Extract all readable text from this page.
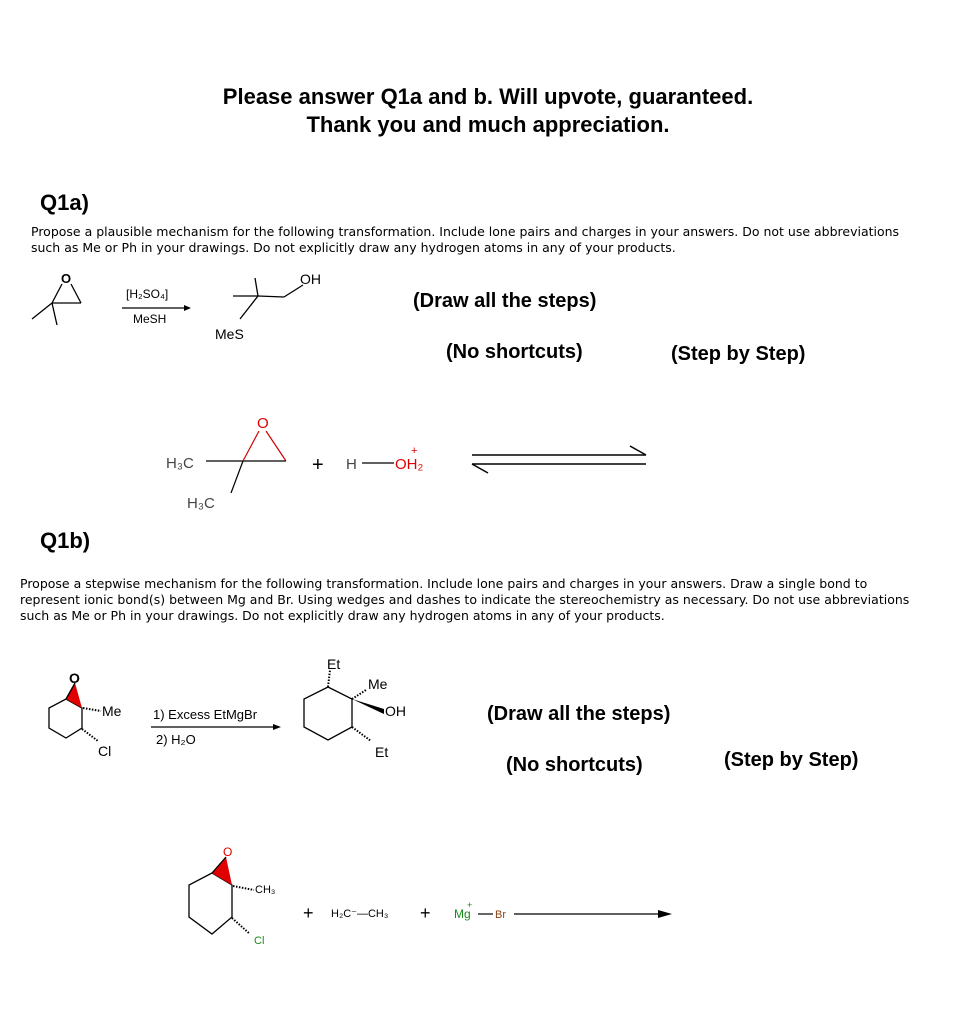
Please answer Q1a and b. Will upvote, guaranteed.
Thank you and much appreciation.
Q1a)
Propose a plausible mechanism for the following transformation. Include lone pairs and charges in your answers. Do not use abbreviations
such as Me or Ph in your drawings. Do not explicitly draw any hydrogen atoms in any of your products.
(Draw all the steps)
(No shortcuts)	(Step by Step)
Q1b)
Propose a stepwise mechanism for the following transformation. Include lone pairs and charges in your answers. Draw a single bond to
represent ionic bond(s) between Mg and Br. Using wedges and dashes to indicate the stereochemistry as necessary. Do not use abbreviations
such as Me or Ph in your drawings. Do not explicitly draw any hydrogen atoms in any of your products.
(Draw all the steps)
(No shortcuts)	(Step by Step)
O
[H₂SO₄]
MeSH
OH
MeS
O
H₃C
H₃C
+ H	OH₂
+
O
Me
Cl
1) Excess EtMgBr
2) H₂O
Et
Me
OH
Et
O
CH₃
Cl
+ H₂C⁻—CH₃ + Mg
+
Br
